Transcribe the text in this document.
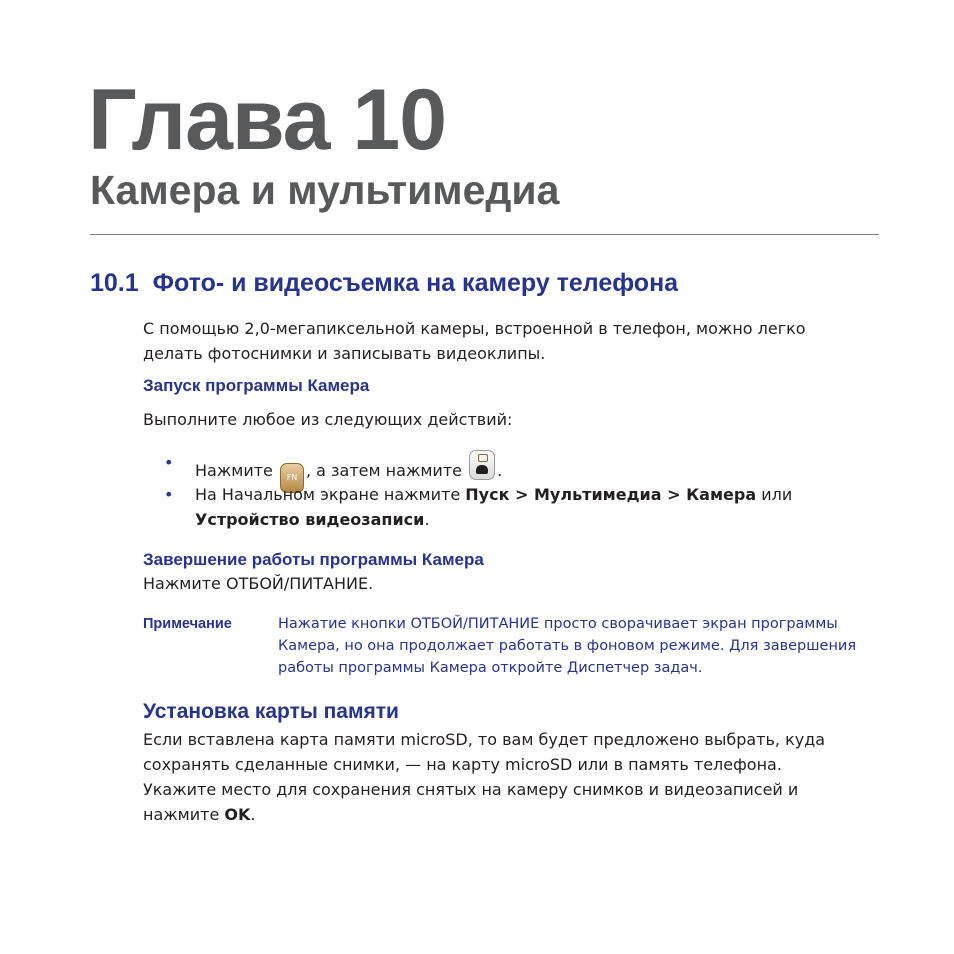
Глава 10
Камера и мультимедиа
10.1 Фото- и видеосъемка на камеру телефона
С помощью 2,0-мегапиксельной камеры, встроенной в телефон, можно легко
делать фотоснимки и записывать видеоклипы.
Запуск программы Камера
Выполните любое из следующих действий:
• Нажмите FN , а затем нажмите .
• На Начальном экране нажмите Пуск > Мультимедиа > Камера или
Устройство видеозаписи.
Завершение работы программы Камера
Нажмите ОТБОЙ/ПИТАНИЕ.
Примечание	Нажатие кнопки ОТБОЙ/ПИТАНИЕ просто сворачивает экран программы
Камера, но она продолжает работать в фоновом режиме. Для завершения
работы программы Камера откройте Диспетчер задач.
Установка карты памяти
Если вставлена карта памяти microSD, то вам будет предложено выбрать, куда
сохранять сделанные снимки, — на карту microSD или в память телефона.
Укажите место для сохранения снятых на камеру снимков и видеозаписей и
нажмите OK.
